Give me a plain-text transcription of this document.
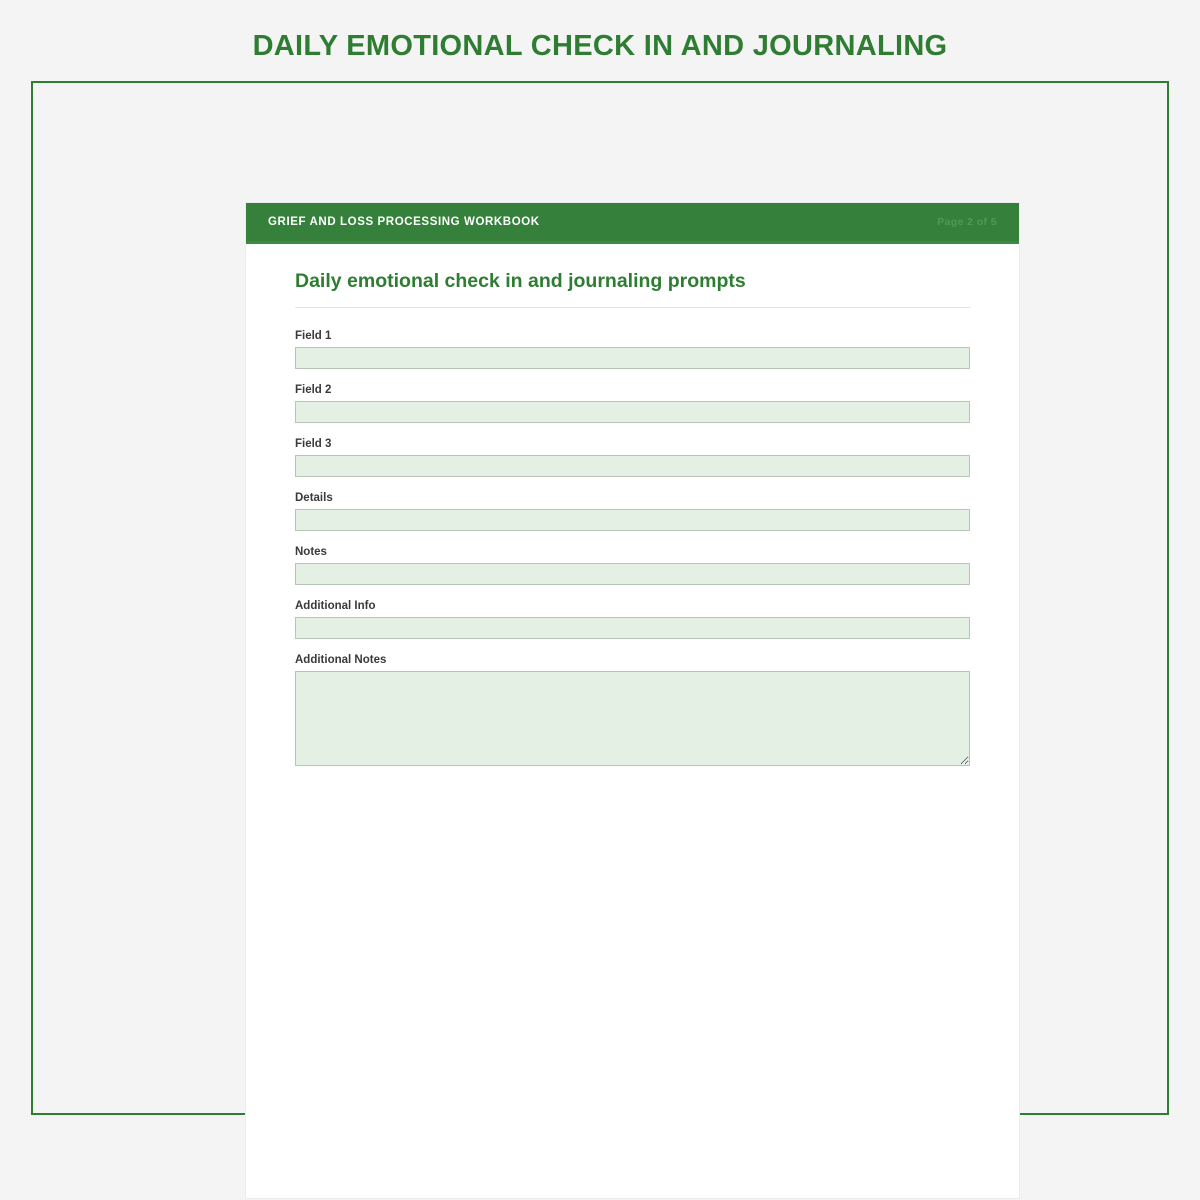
DAILY EMOTIONAL CHECK IN AND JOURNALING
GRIEF AND LOSS PROCESSING WORKBOOK	Page 2 of 5
Daily emotional check in and journaling prompts
Field 1
Field 2
Field 3
Details
Notes
Additional Info
Additional Notes
